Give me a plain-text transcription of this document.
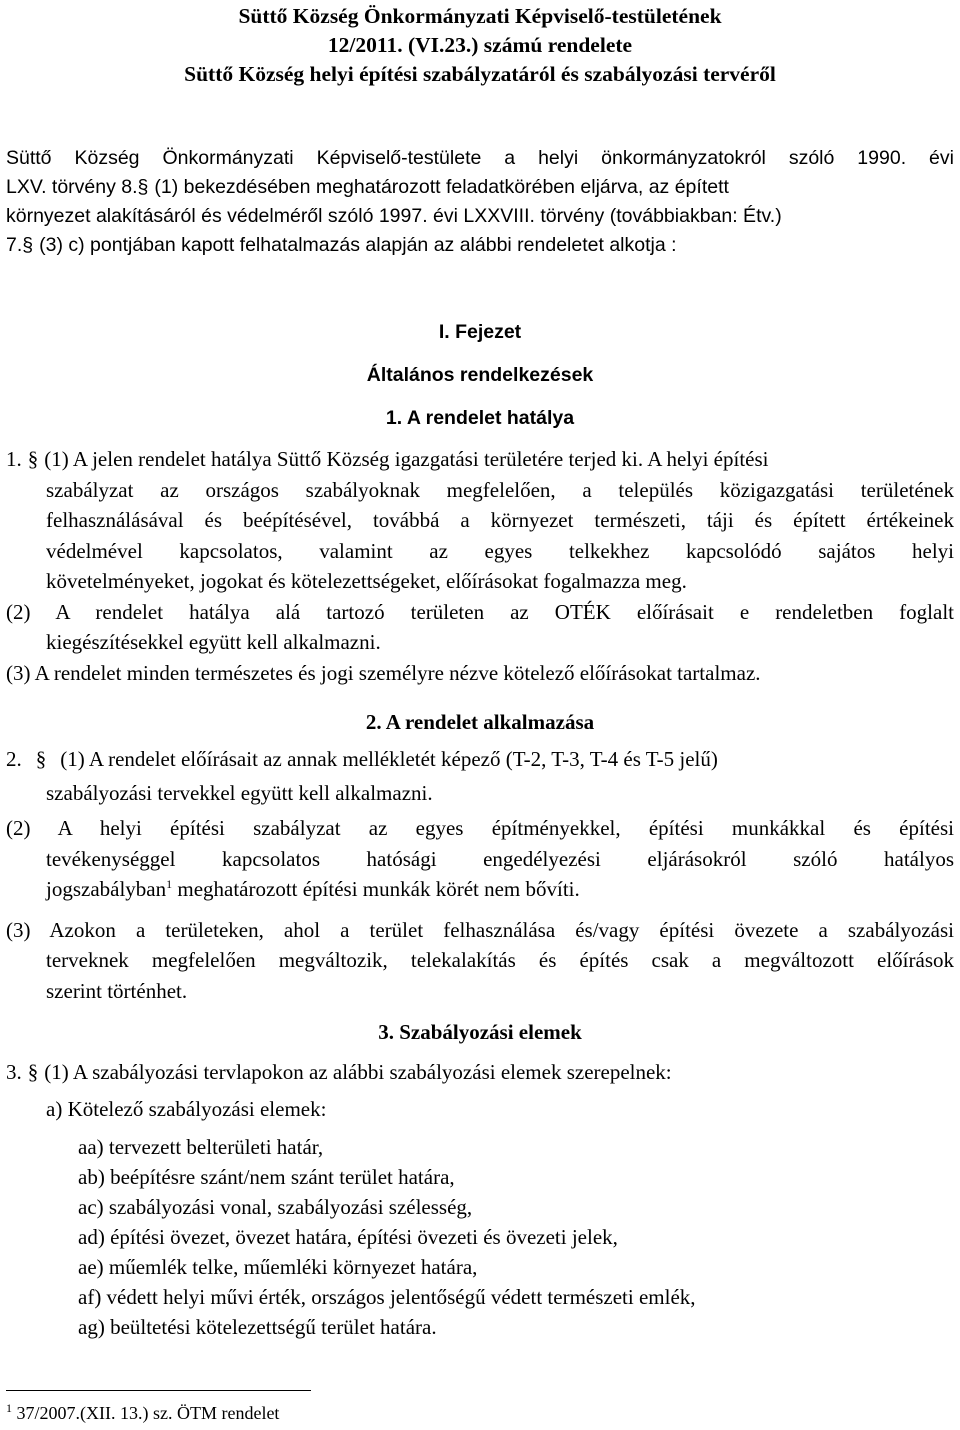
Süttő Község Önkormányzati Képviselő-testületének
12/2011. (VI.23.) számú rendelete
Süttő Község helyi építési szabályzatáról és szabályozási tervéről
Süttő Község Önkormányzati Képviselő-testülete a helyi önkormányzatokról szóló 1990. évi
LXV. törvény 8.§ (1) bekezdésében meghatározott feladatkörében eljárva, az épített
környezet alakításáról és védelméről szóló 1997. évi LXXVIII. törvény (továbbiakban: Étv.)
7.§ (3) c) pontjában kapott felhatalmazás alapján az alábbi rendeletet alkotja :
I. Fejezet
Általános rendelkezések
1. A rendelet hatálya
1. § (1) A jelen rendelet hatálya Süttő Község igazgatási területére terjed ki. A helyi építési
szabályzat az országos szabályoknak megfelelően, a település közigazgatási területének
felhasználásával és beépítésével, továbbá a környezet természeti, táji és épített értékeinek
védelmével kapcsolatos, valamint az egyes telkekhez kapcsolódó sajátos helyi
követelményeket, jogokat és kötelezettségeket, előírásokat fogalmazza meg.
(2) A rendelet hatálya alá tartozó területen az OTÉK előírásait e rendeletben foglalt
kiegészítésekkel együtt kell alkalmazni.
(3) A rendelet minden természetes és jogi személyre nézve kötelező előírásokat tartalmaz.
2. A rendelet alkalmazása
2. § (1) A rendelet előírásait az annak mellékletét képező (T-2, T-3, T-4 és T-5 jelű)
szabályozási tervekkel együtt kell alkalmazni.
(2) A helyi építési szabályzat az egyes építményekkel, építési munkákkal és építési
tevékenységgel kapcsolatos hatósági engedélyezési eljárásokról szóló hatályos
jogszabályban$^1$ meghatározott építési munkák körét nem bővíti.
(3) Azokon a területeken, ahol a terület felhasználása és/vagy építési övezete a szabályozási
terveknek megfelelően megváltozik, telekalakítás és építés csak a megváltozott előírások
szerint történhet.
3. Szabályozási elemek
3. § (1) A szabályozási tervlapokon az alábbi szabályozási elemek szerepelnek:
a) Kötelező szabályozási elemek:
aa) tervezett belterületi határ,
ab) beépítésre szánt/nem szánt terület határa,
ac) szabályozási vonal, szabályozási szélesség,
ad) építési övezet, övezet határa, építési övezeti és övezeti jelek,
ae) műemlék telke, műemléki környezet határa,
af) védett helyi művi érték, országos jelentőségű védett természeti emlék,
ag) beültetési kötelezettségű terület határa.
$^1$ 37/2007.(XII. 13.) sz. ÖTM rendelet
